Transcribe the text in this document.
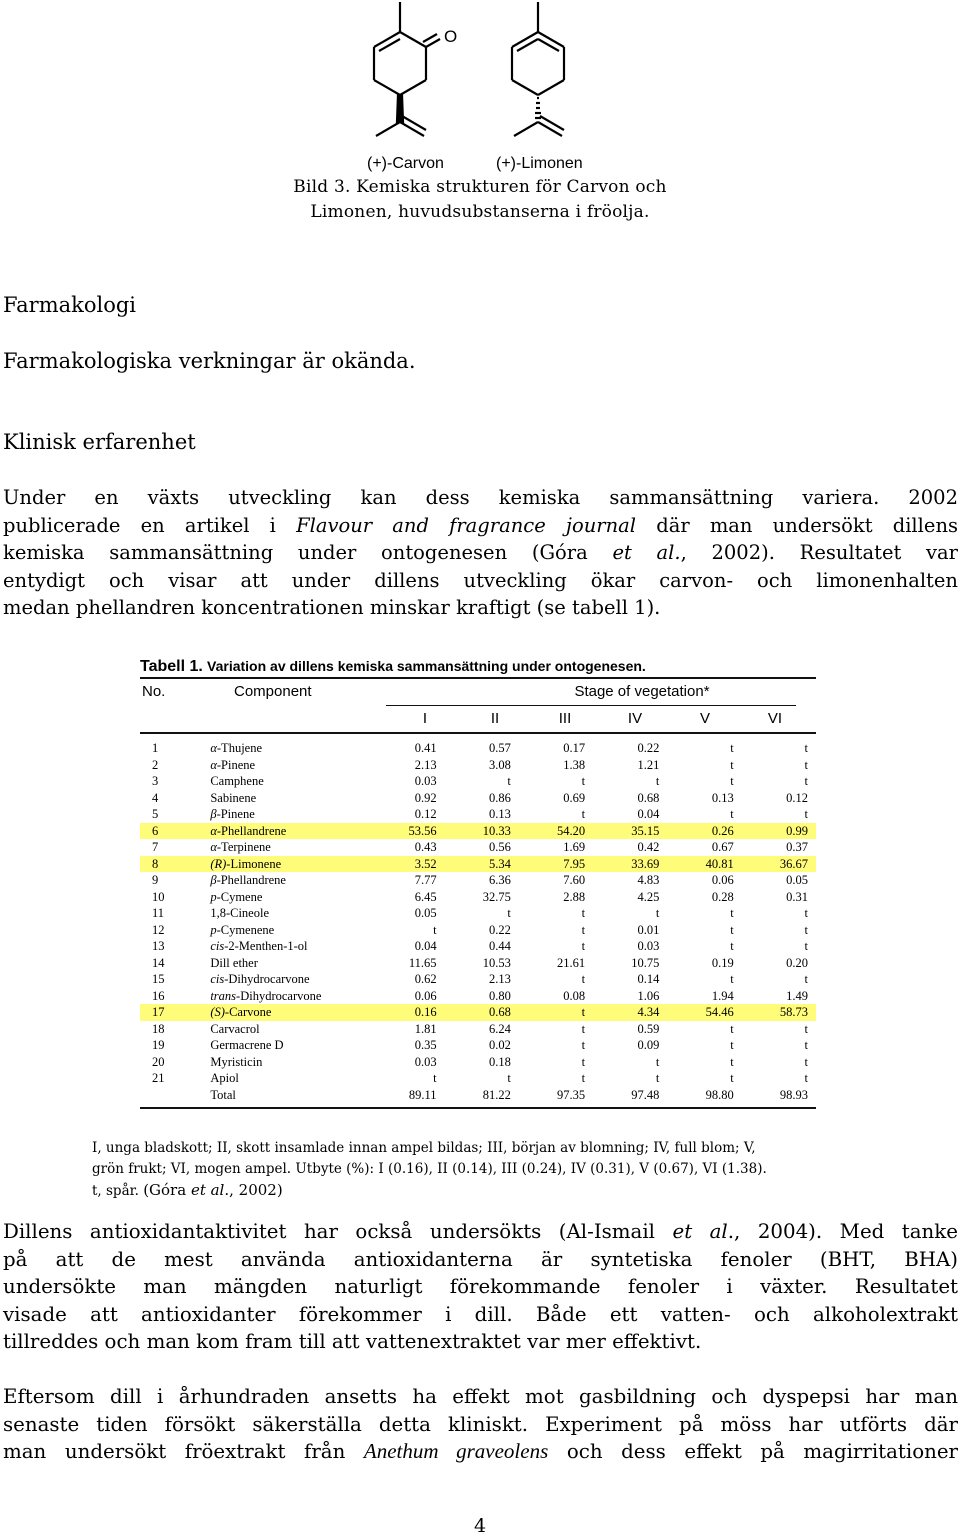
O
(+)-Carvon	(+)-Limonen
Bild 3. Kemiska strukturen för Carvon och
Limonen, huvudsubstanserna i fröolja.
Farmakologi
Farmakologiska verkningar är okända.
Klinisk erfarenhet
Under en växts utveckling kan dess kemiska sammansättning variera. 2002
publicerade en artikel i Flavour and fragrance journal där man undersökt dillens
kemiska sammansättning under ontogenesen (Góra et al., 2002). Resultatet var
entydigt och visar att under dillens utveckling ökar carvon- och limonenhalten
medan phellandren koncentrationen minskar kraftigt (se tabell 1).
Tabell 1. Variation av dillens kemiska sammansättning under ontogenesen.
No.	Component	Stage of vegetation*
I	II	III	IV	V	VI
1	α-Thujene	0.41	0.57	0.17	0.22	t	t
2	α-Pinene	2.13	3.08	1.38	1.21	t	t
3	Camphene	0.03	t	t	t	t	t
4	Sabinene	0.92	0.86	0.69	0.68	0.13	0.12
5	β-Pinene	0.12	0.13	t	0.04	t	t
6	α-Phellandrene	53.56	10.33	54.20	35.15	0.26	0.99
7	α-Terpinene	0.43	0.56	1.69	0.42	0.67	0.37
8	(R)-Limonene	3.52	5.34	7.95	33.69	40.81	36.67
9	β-Phellandrene	7.77	6.36	7.60	4.83	0.06	0.05
10	p-Cymene	6.45	32.75	2.88	4.25	0.28	0.31
11	1,8-Cineole	0.05	t	t	t	t	t
12	p-Cymenene	t	0.22	t	0.01	t	t
13	cis-2-Menthen-1-ol	0.04	0.44	t	0.03	t	t
14	Dill ether	11.65	10.53	21.61	10.75	0.19	0.20
15	cis-Dihydrocarvone	0.62	2.13	t	0.14	t	t
16	trans-Dihydrocarvone	0.06	0.80	0.08	1.06	1.94	1.49
17	(S)-Carvone	0.16	0.68	t	4.34	54.46	58.73
18	Carvacrol	1.81	6.24	t	0.59	t	t
19	Germacrene D	0.35	0.02	t	0.09	t	t
20	Myristicin	0.03	0.18	t	t	t	t
21	Apiol	t	t	t	t	t	t
	Total	89.11	81.22	97.35	97.48	98.80	98.93
I, unga bladskott; II, skott insamlade innan ampel bildas; III, början av blomning; IV, full blom; V,
grön frukt; VI, mogen ampel. Utbyte (%): I (0.16), II (0.14), III (0.24), IV (0.31), V (0.67), VI (1.38).
t, spår. (Góra et al., 2002)
Dillens antioxidantaktivitet har också undersökts (Al-Ismail et al., 2004). Med tanke
på att de mest använda antioxidanterna är syntetiska fenoler (BHT, BHA)
undersökte man mängden naturligt förekommande fenoler i växter. Resultatet
visade att antioxidanter förekommer i dill. Både ett vatten- och alkoholextrakt
tillreddes och man kom fram till att vattenextraktet var mer effektivt.
Eftersom dill i århundraden ansetts ha effekt mot gasbildning och dyspepsi har man
senaste tiden försökt säkerställa detta kliniskt. Experiment på möss har utförts där
man undersökt fröextrakt från Anethum graveolens och dess effekt på magirritationer
4
